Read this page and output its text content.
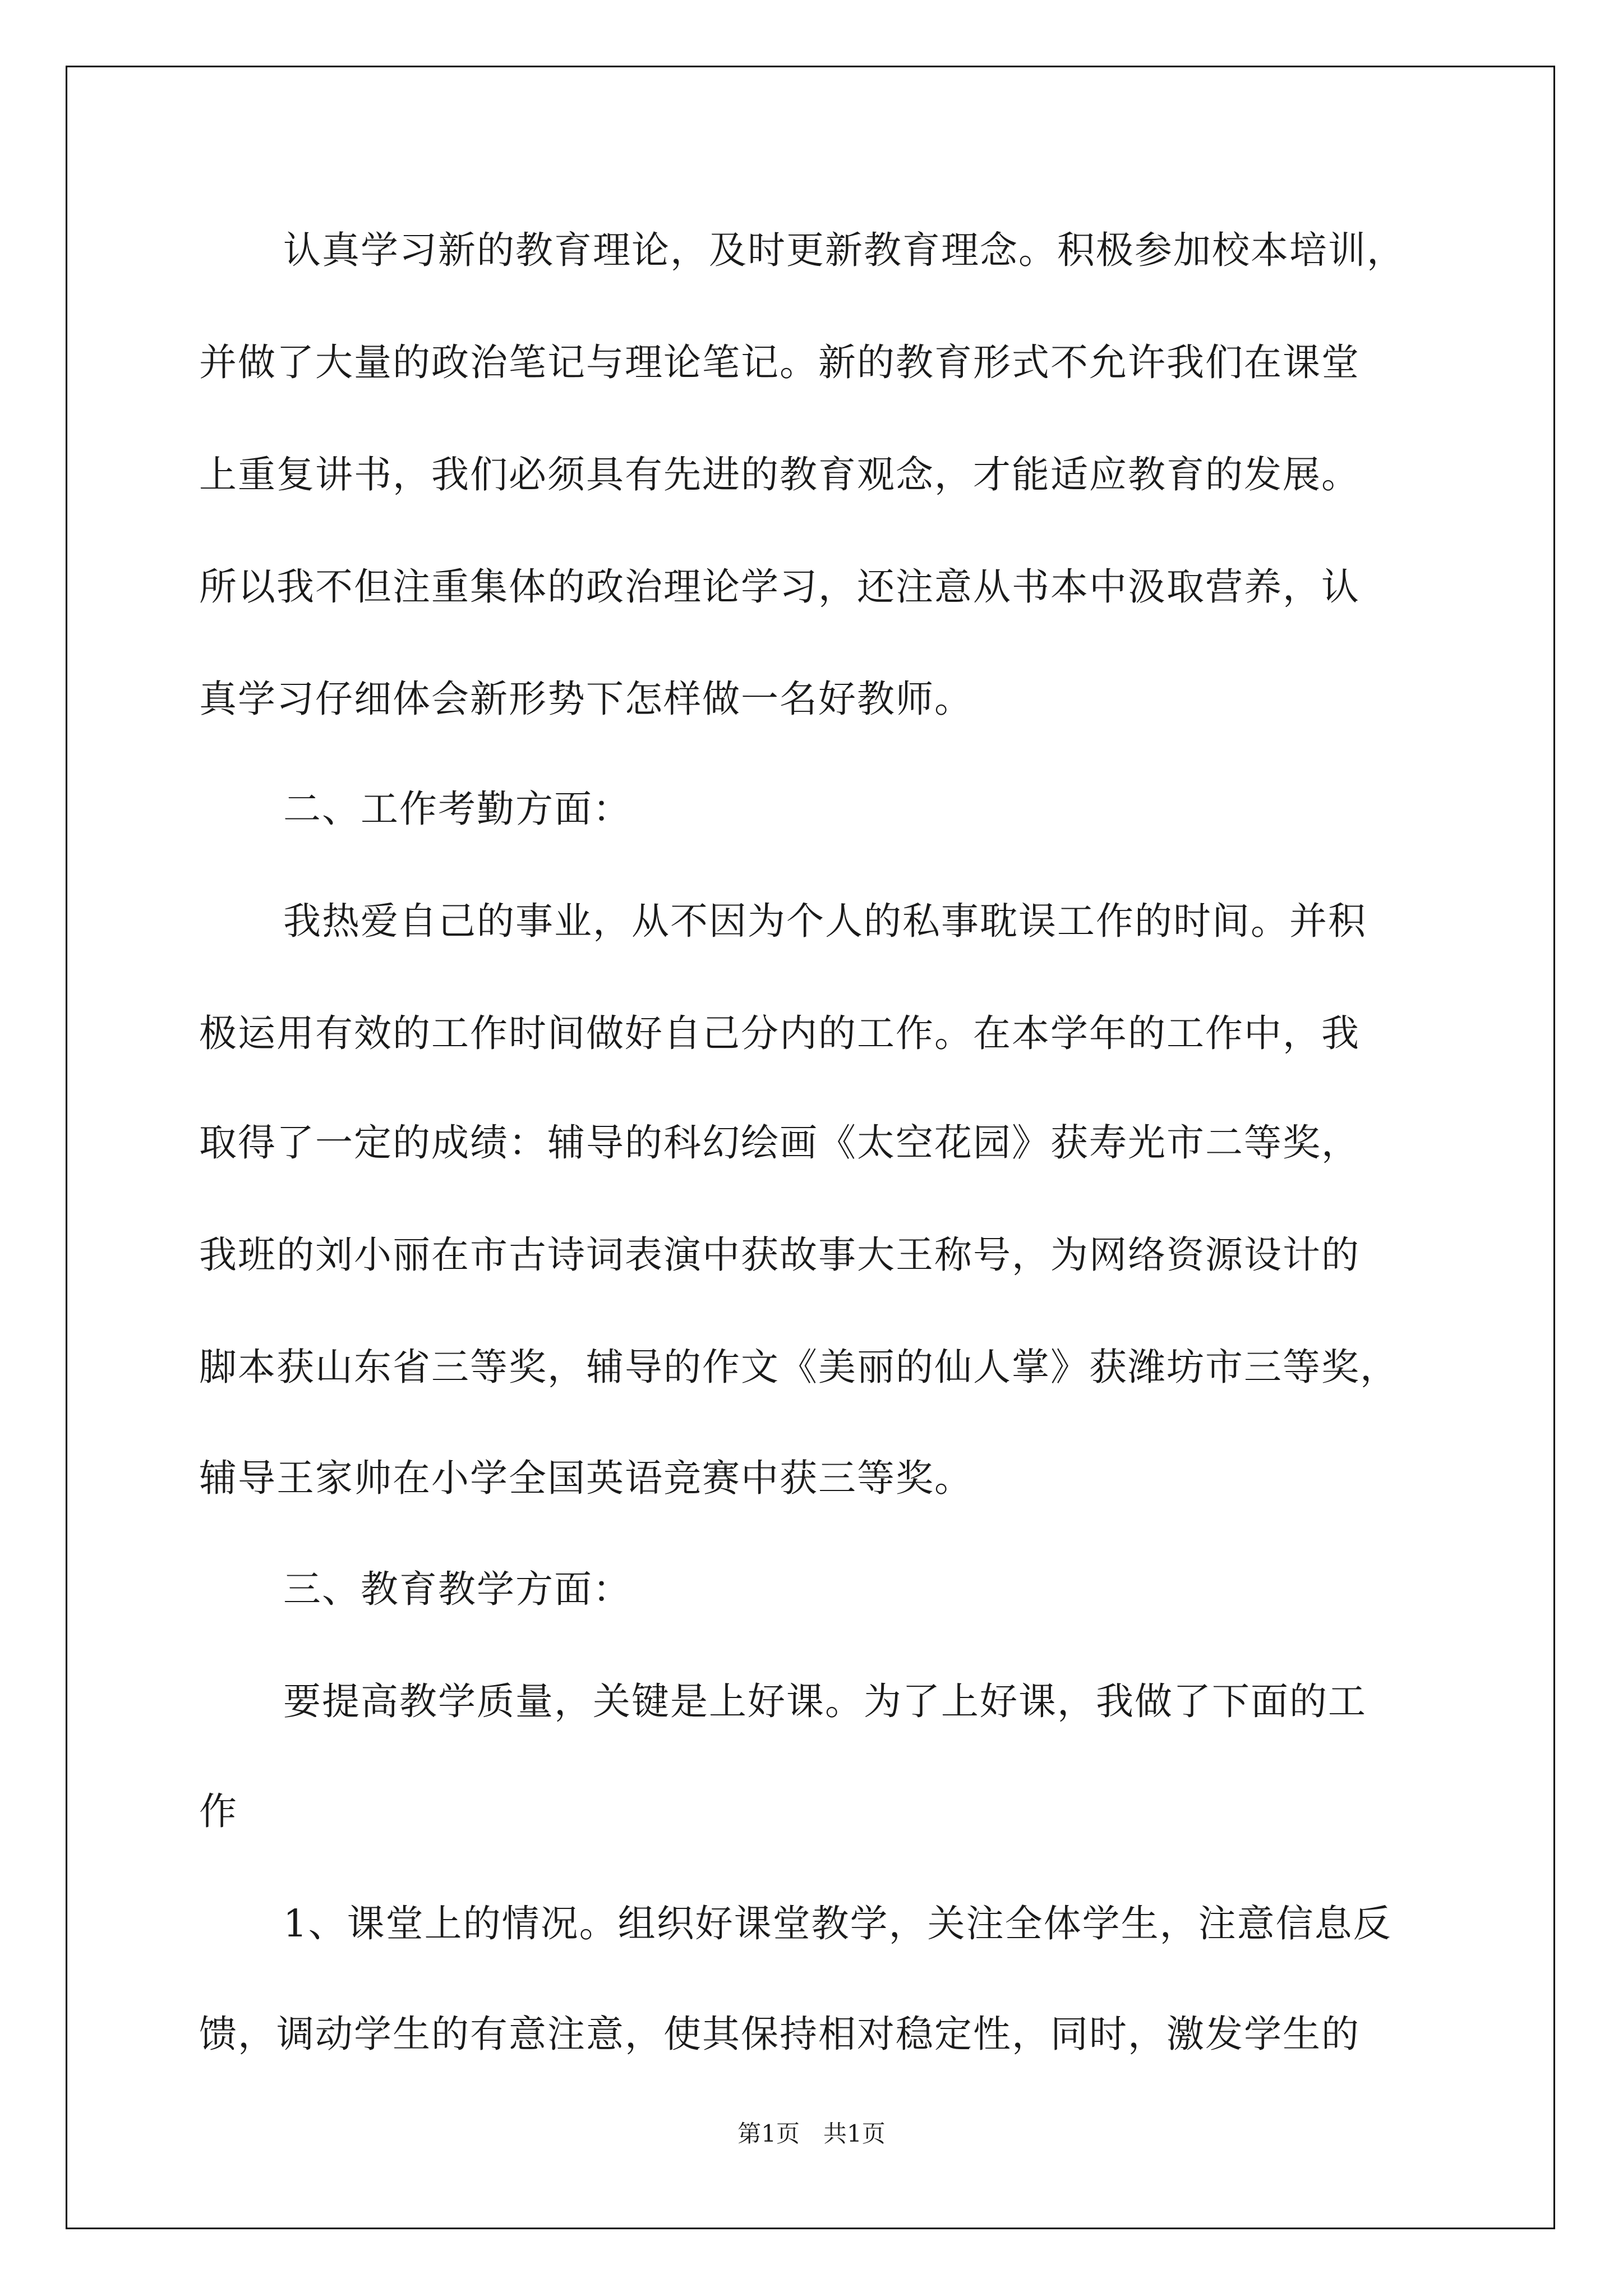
认真学习新的教育理论，及时更新教育理念。积极参加校本培训，
并做了大量的政治笔记与理论笔记。新的教育形式不允许我们在课堂
上重复讲书，我们必须具有先进的教育观念，才能适应教育的发展。
所以我不但注重集体的政治理论学习，还注意从书本中汲取营养，认
真学习仔细体会新形势下怎样做一名好教师。
二、工作考勤方面：
我热爱自己的事业，从不因为个人的私事耽误工作的时间。并积
极运用有效的工作时间做好自己分内的工作。在本学年的工作中，我
取得了一定的成绩：辅导的科幻绘画《太空花园》获寿光市二等奖，
我班的刘小丽在市古诗词表演中获故事大王称号，为网络资源设计的
脚本获山东省三等奖，辅导的作文《美丽的仙人掌》获潍坊市三等奖，
辅导王家帅在小学全国英语竞赛中获三等奖。
三、教育教学方面：
要提高教学质量，关键是上好课。为了上好课，我做了下面的工
作
1、课堂上的情况。组织好课堂教学，关注全体学生，注意信息反
馈，调动学生的有意注意，使其保持相对稳定性，同时，激发学生的
第1页　共1页
